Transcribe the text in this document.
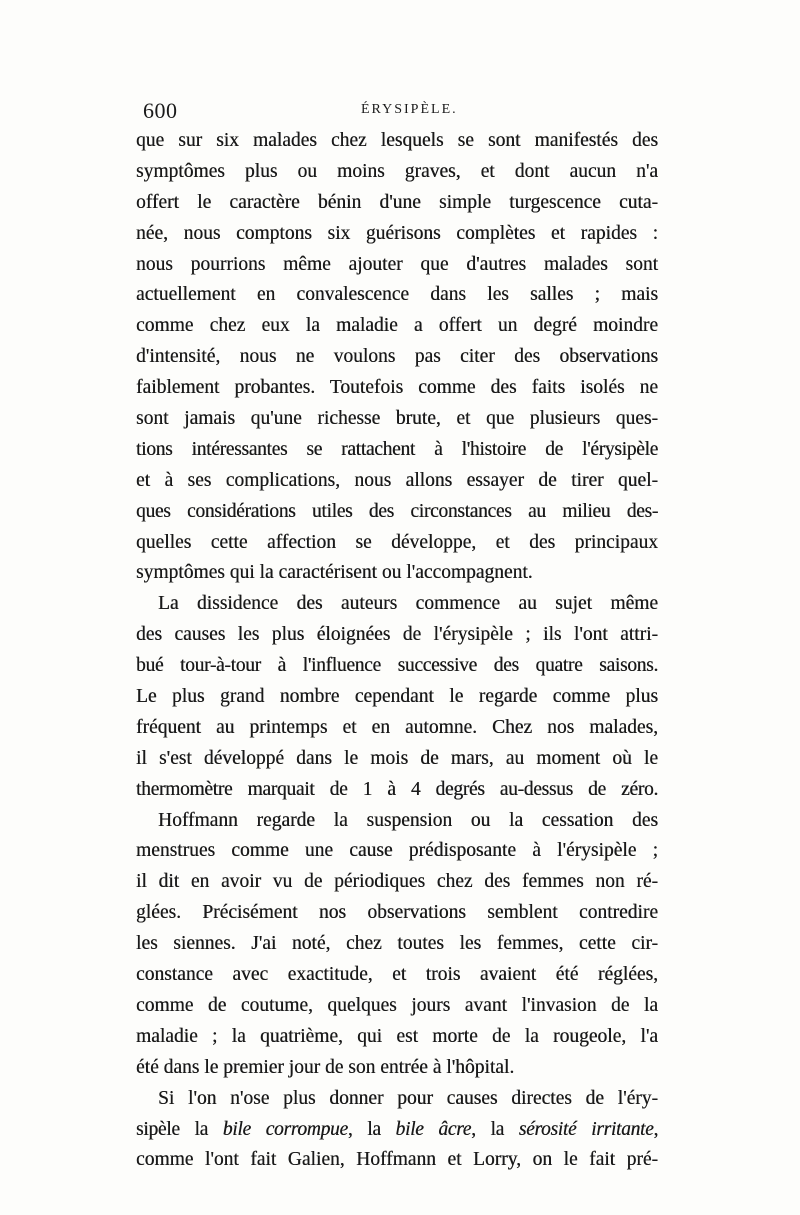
600	ÉRYSIPÈLE.
que sur six malades chez lesquels se sont manifestés des
symptômes plus ou moins graves, et dont aucun n'a
offert le caractère bénin d'une simple turgescence cuta-
née, nous comptons six guérisons complètes et rapides :
nous pourrions même ajouter que d'autres malades sont
actuellement en convalescence dans les salles ; mais
comme chez eux la maladie a offert un degré moindre
d'intensité, nous ne voulons pas citer des observations
faiblement probantes. Toutefois comme des faits isolés ne
sont jamais qu'une richesse brute, et que plusieurs ques-
tions intéressantes se rattachent à l'histoire de l'érysipèle
et à ses complications, nous allons essayer de tirer quel-
ques considérations utiles des circonstances au milieu des-
quelles cette affection se développe, et des principaux
symptômes qui la caractérisent ou l'accompagnent.
La dissidence des auteurs commence au sujet même
des causes les plus éloignées de l'érysipèle ; ils l'ont attri-
bué tour-à-tour à l'influence successive des quatre saisons.
Le plus grand nombre cependant le regarde comme plus
fréquent au printemps et en automne. Chez nos malades,
il s'est développé dans le mois de mars, au moment où le
thermomètre marquait de 1 à 4 degrés au-dessus de zéro.
Hoffmann regarde la suspension ou la cessation des
menstrues comme une cause prédisposante à l'érysipèle ;
il dit en avoir vu de périodiques chez des femmes non ré-
glées. Précisément nos observations semblent contredire
les siennes. J'ai noté, chez toutes les femmes, cette cir-
constance avec exactitude, et trois avaient été réglées,
comme de coutume, quelques jours avant l'invasion de la
maladie ; la quatrième, qui est morte de la rougeole, l'a
été dans le premier jour de son entrée à l'hôpital.
Si l'on n'ose plus donner pour causes directes de l'éry-
sipèle la bile corrompue, la bile âcre, la sérosité irritante,
comme l'ont fait Galien, Hoffmann et Lorry, on le fait pré-
